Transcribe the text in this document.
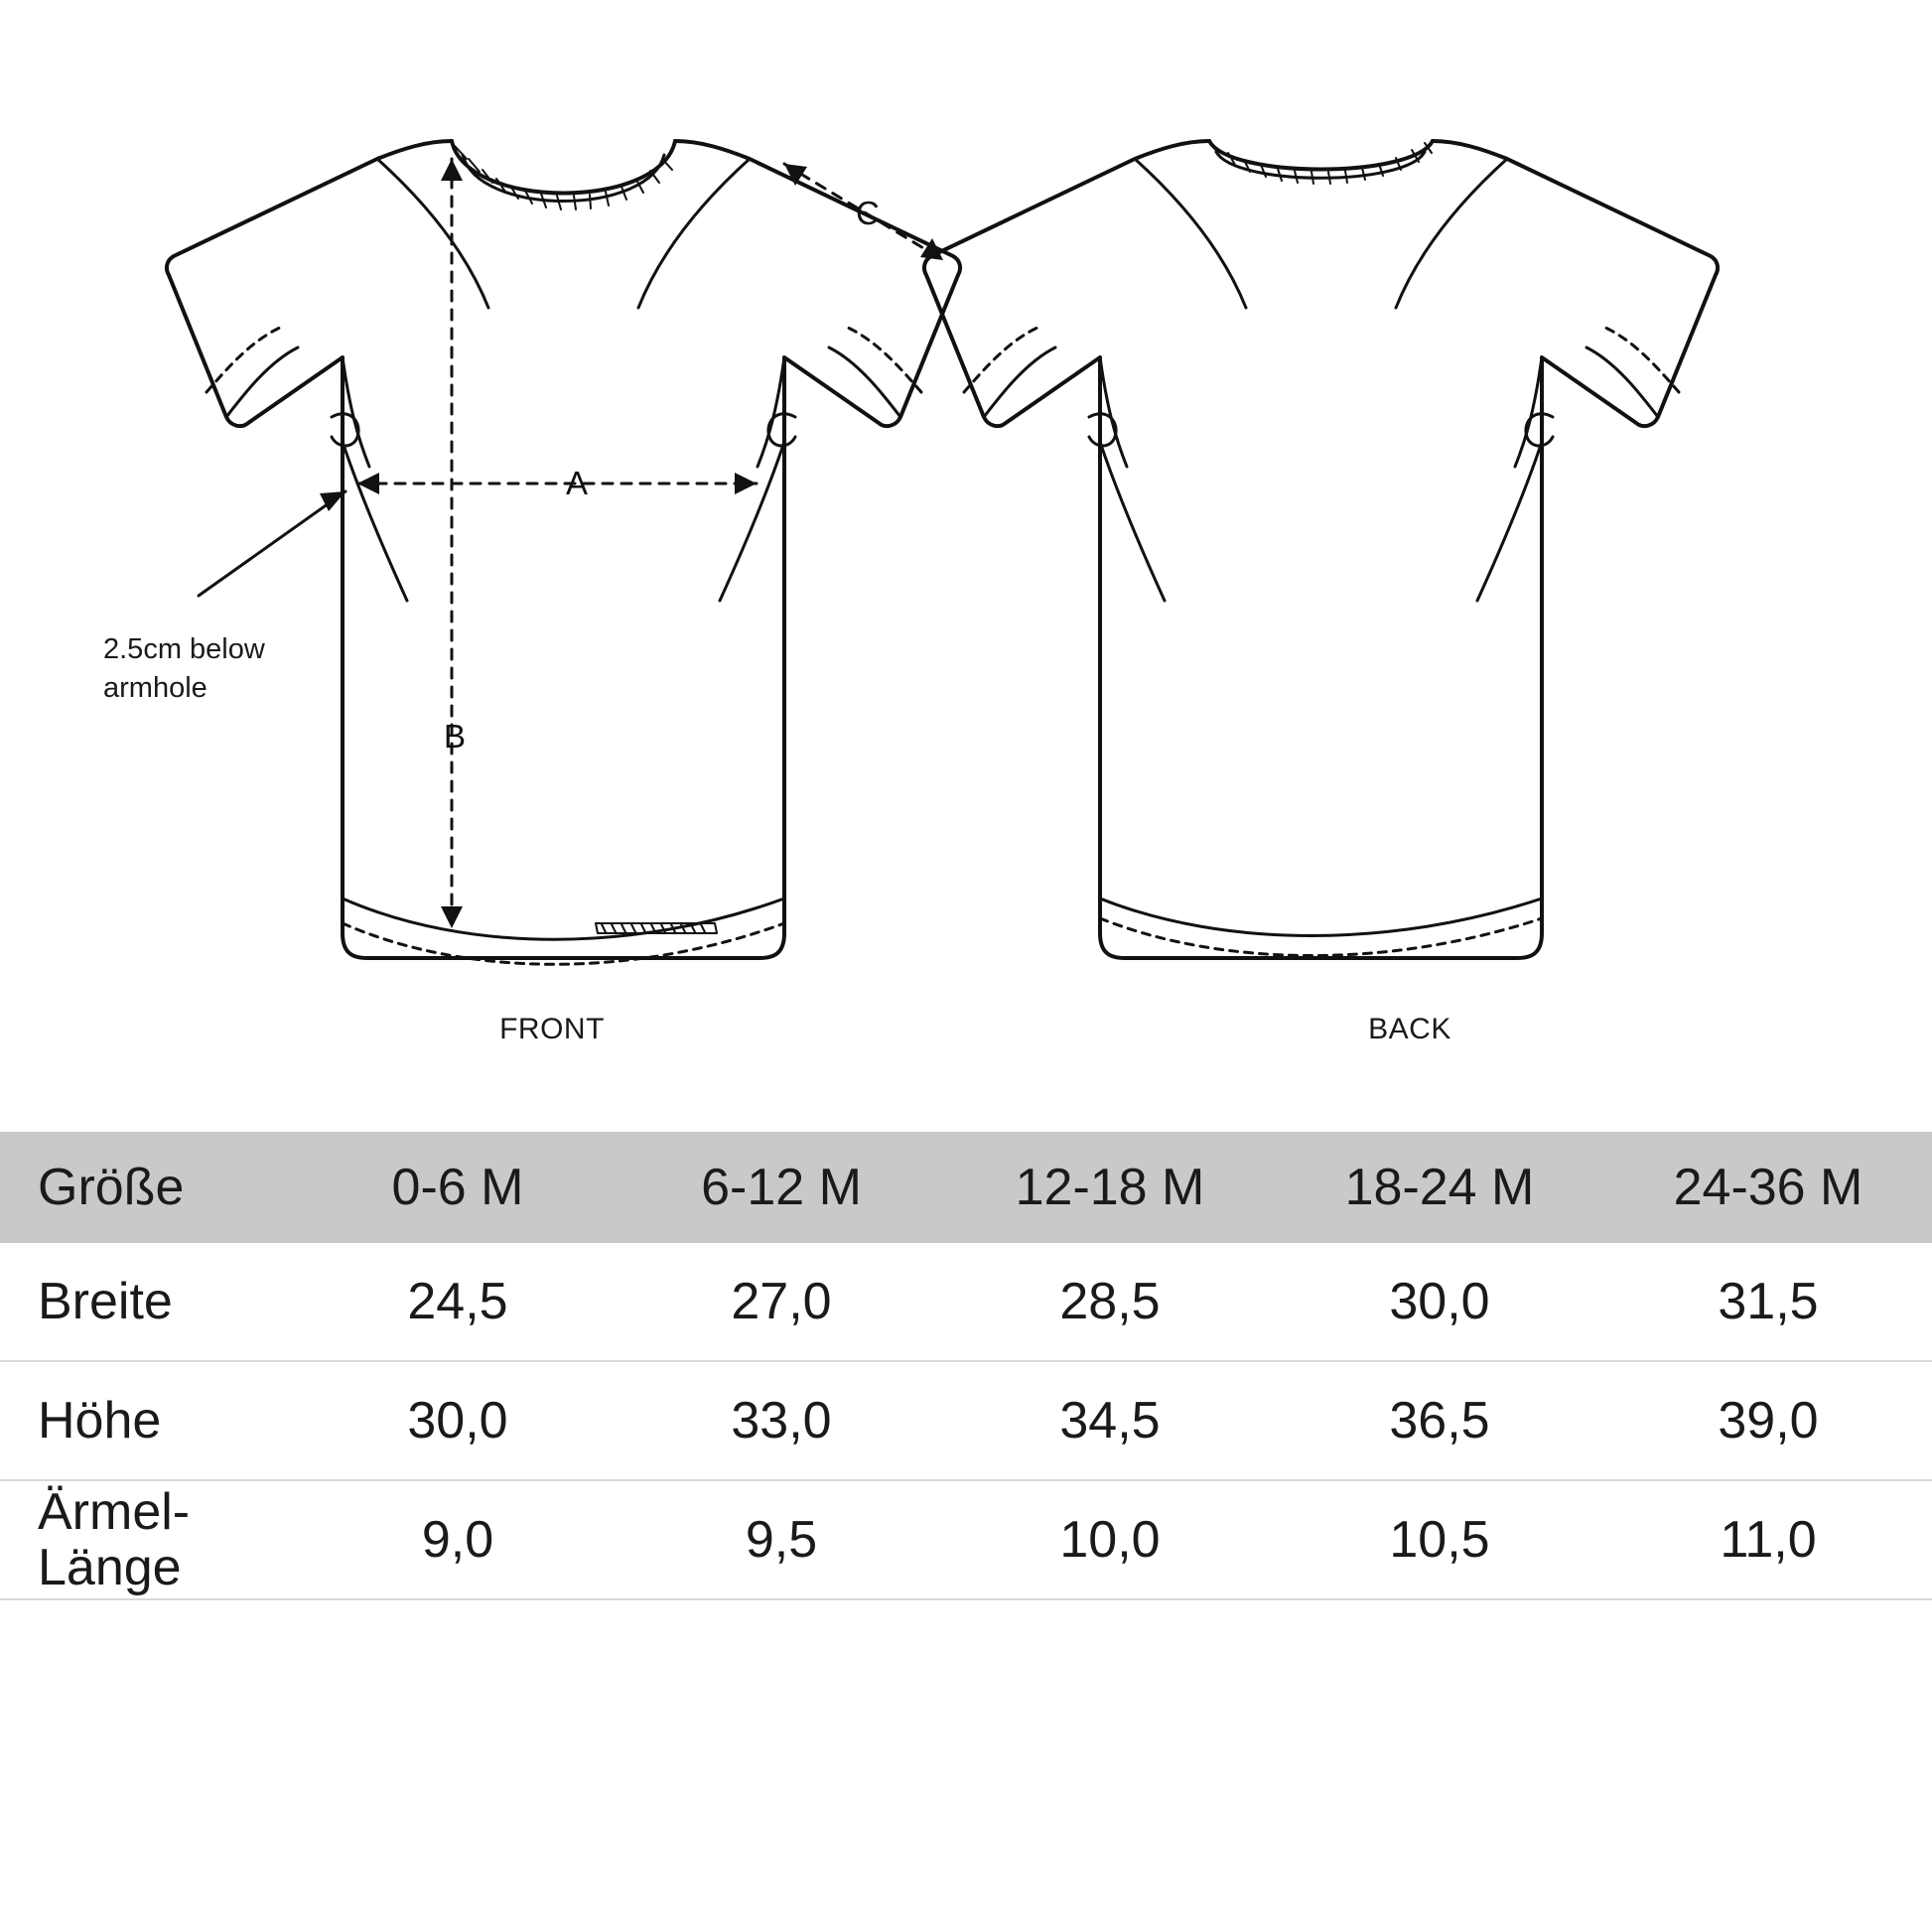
A
B
C
2.5cm below armhole
FRONT	BACK
Größe	0-6 M	6-12 M	12-18 M	18-24 M	24-36 M
Breite	24,5	27,0	28,5	30,0	31,5
Höhe	30,0	33,0	34,5	36,5	39,0
Ärmel-
Länge	9,0	9,5	10,0	10,5	11,0
